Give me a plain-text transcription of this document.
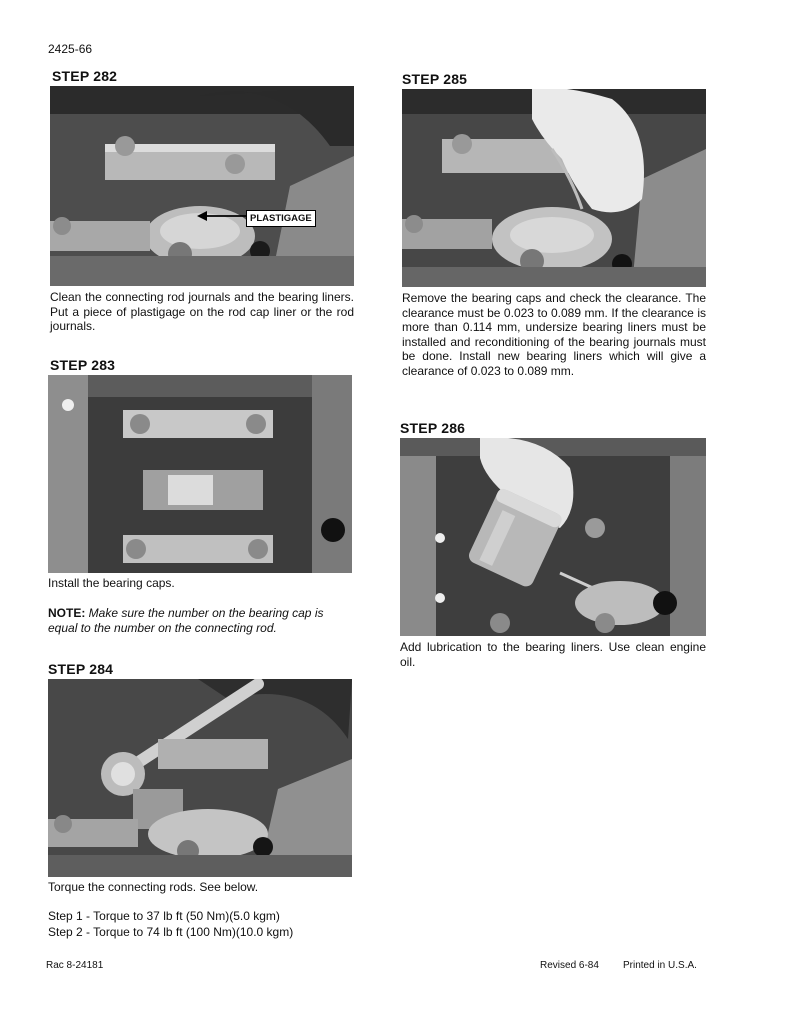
2425-66
STEP 282
PLASTIGAGE
Clean the connecting rod journals and the bearing liners. Put a piece of plastigage on the rod cap liner or the rod journals.
STEP 283
Install the bearing caps.
NOTE: Make sure the number on the bearing cap is equal to the number on the connecting rod.
STEP 284
Torque the connecting rods. See below.
Step 1 - Torque to 37 lb ft (50 Nm)(5.0 kgm)
Step 2 - Torque to 74 lb ft (100 Nm)(10.0 kgm)
STEP 285
Remove the bearing caps and check the clearance. The clearance must be 0.023 to 0.089 mm. If the clearance is more than 0.114 mm, undersize bearing liners must be installed and reconditioning of the bearing journals must be done. Install new bearing liners which will give a clearance of 0.023 to 0.089 mm.
STEP 286
Add lubrication to the bearing liners. Use clean engine oil.
Rac 8-24181	Revised 6-84 Printed in U.S.A.
